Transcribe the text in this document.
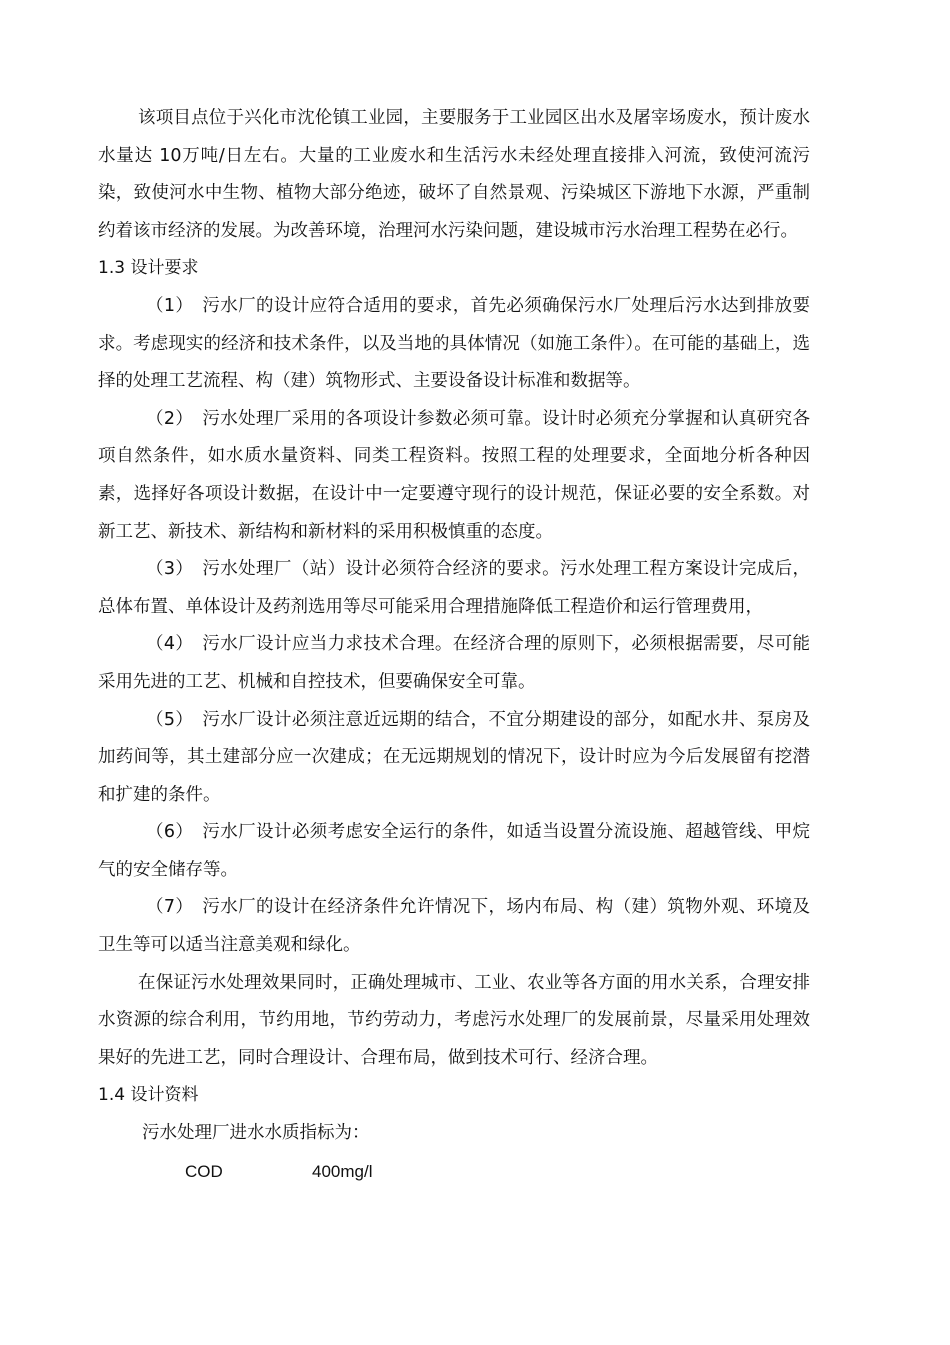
该项目点位于兴化市沈伦镇工业园，主要服务于工业园区出水及屠宰场废水，预计废水水量达 10万吨/日左右。大量的工业废水和生活污水未经处理直接排入河流，致使河流污染，致使河水中生物、植物大部分绝迹，破坏了自然景观、污染城区下游地下水源，严重制约着该市经济的发展。为改善环境，治理河水污染问题，建设城市污水治理工程势在必行。

1.3 设计要求

（1）　污水厂的设计应符合适用的要求，首先必须确保污水厂处理后污水达到排放要求。考虑现实的经济和技术条件，以及当地的具体情况（如施工条件）。在可能的基础上，选择的处理工艺流程、构（建）筑物形式、主要设备设计标准和数据等。

（2）　污水处理厂采用的各项设计参数必须可靠。设计时必须充分掌握和认真研究各项自然条件，如水质水量资料、同类工程资料。按照工程的处理要求，全面地分析各种因素，选择好各项设计数据，在设计中一定要遵守现行的设计规范，保证必要的安全系数。对新工艺、新技术、新结构和新材料的采用积极慎重的态度。

（3）　污水处理厂（站）设计必须符合经济的要求。污水处理工程方案设计完成后，总体布置、单体设计及药剂选用等尽可能采用合理措施降低工程造价和运行管理费用，

（4）　污水厂设计应当力求技术合理。在经济合理的原则下，必须根据需要，尽可能采用先进的工艺、机械和自控技术，但要确保安全可靠。

（5）　污水厂设计必须注意近远期的结合，不宜分期建设的部分，如配水井、泵房及加药间等，其土建部分应一次建成；在无远期规划的情况下，设计时应为今后发展留有挖潜和扩建的条件。

（6）　污水厂设计必须考虑安全运行的条件，如适当设置分流设施、超越管线、甲烷气的安全储存等。

（7）　污水厂的设计在经济条件允许情况下，场内布局、构（建）筑物外观、环境及卫生等可以适当注意美观和绿化。

在保证污水处理效果同时，正确处理城市、工业、农业等各方面的用水关系，合理安排水资源的综合利用，节约用地，节约劳动力，考虑污水处理厂的发展前景，尽量采用处理效果好的先进工艺，同时合理设计、合理布局，做到技术可行、经济合理。

1.4 设计资料

污水处理厂进水水质指标为：

COD	400mg/l
